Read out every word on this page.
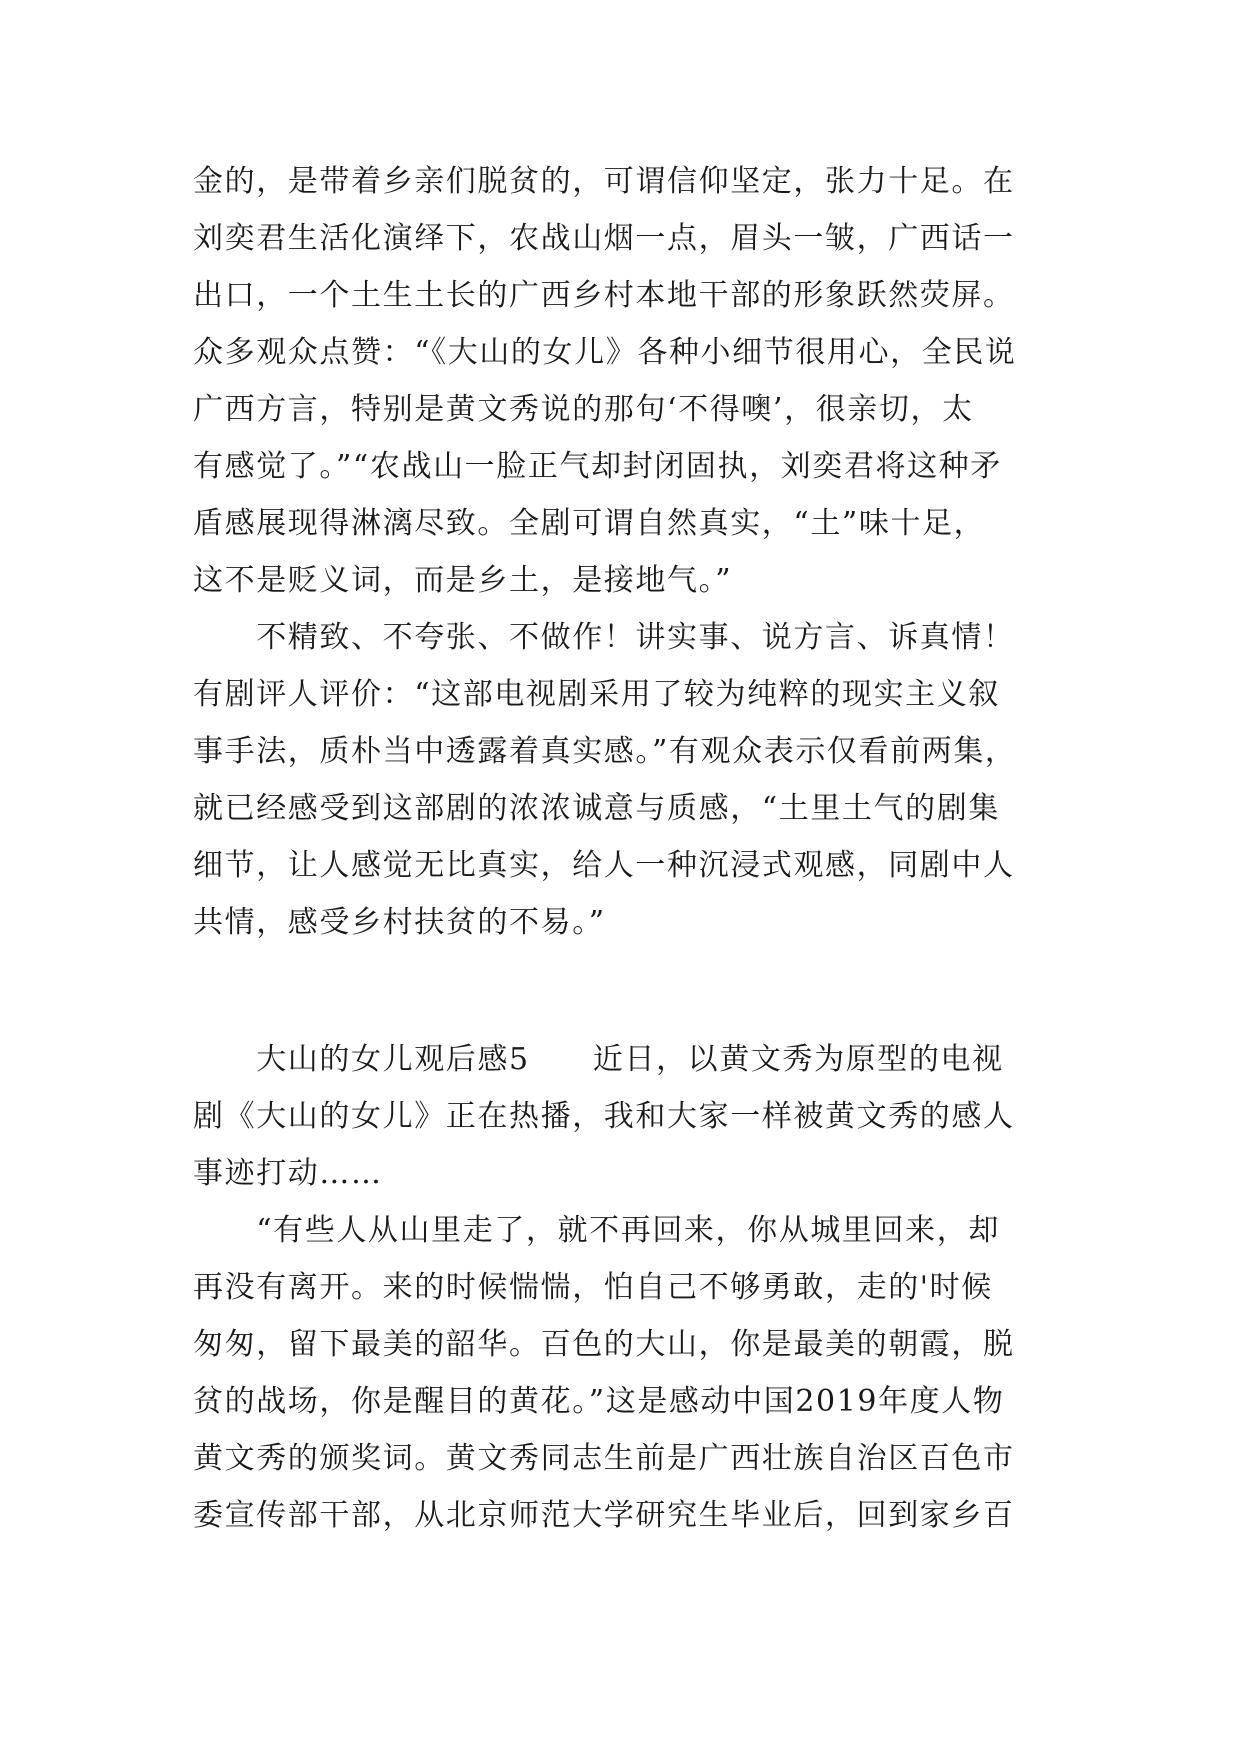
金的，是带着乡亲们脱贫的，可谓信仰坚定，张力十足。在
刘奕君生活化演绎下，农战山烟一点，眉头一皱，广西话一
出口，一个土生土长的广西乡村本地干部的形象跃然荧屏。
众多观众点赞：“《大山的女儿》各种小细节很用心，全民说
广西方言，特别是黄文秀说的那句‘不得噢’，很亲切，太
有感觉了。”“农战山一脸正气却封闭固执，刘奕君将这种矛
盾感展现得淋漓尽致。全剧可谓自然真实，“土”味十足，
这不是贬义词，而是乡土，是接地气。”
　　不精致、不夸张、不做作！讲实事、说方言、诉真情！
有剧评人评价：“这部电视剧采用了较为纯粹的现实主义叙
事手法，质朴当中透露着真实感。”有观众表示仅看前两集，
就已经感受到这部剧的浓浓诚意与质感，“土里土气的剧集
细节，让人感觉无比真实，给人一种沉浸式观感，同剧中人
共情，感受乡村扶贫的不易。”
　　大山的女儿观后感5　　近日，以黄文秀为原型的电视
剧《大山的女儿》正在热播，我和大家一样被黄文秀的感人
事迹打动……
　　“有些人从山里走了，就不再回来，你从城里回来，却
再没有离开。来的时候惴惴，怕自己不够勇敢，走的'时候
匆匆，留下最美的韶华。百色的大山，你是最美的朝霞，脱
贫的战场，你是醒目的黄花。”这是感动中国2019年度人物
黄文秀的颁奖词。黄文秀同志生前是广西壮族自治区百色市
委宣传部干部，从北京师范大学研究生毕业后，回到家乡百
